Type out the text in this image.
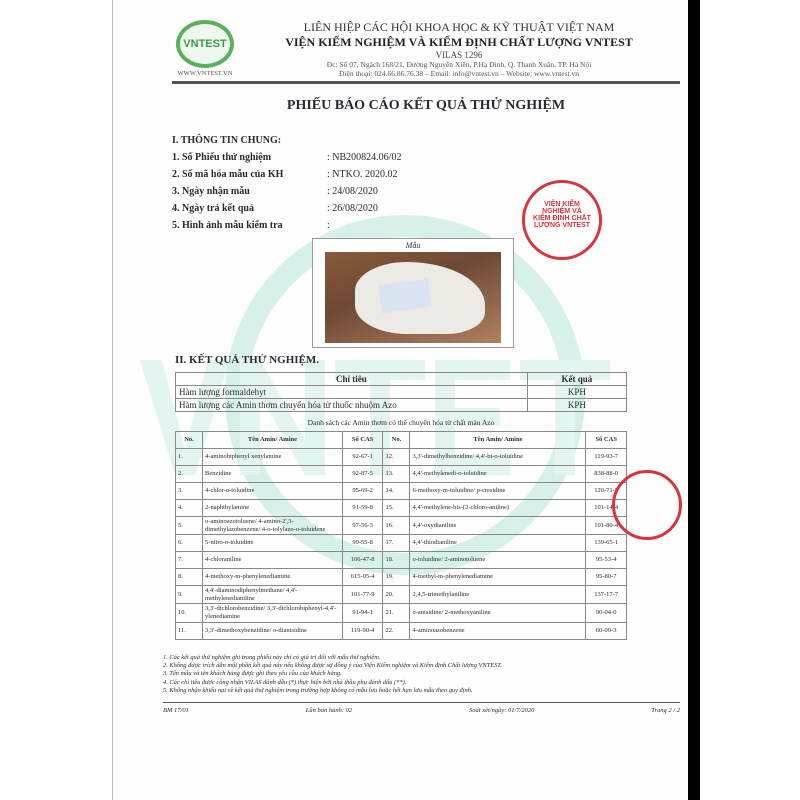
VNTEST
WWW.VNTEST.VN
LIÊN HIỆP CÁC HỘI KHOA HỌC & KỸ THUẬT VIỆT NAM
VIỆN KIỂM NGHIỆM VÀ KIỂM ĐỊNH CHẤT LƯỢNG VNTEST
VILAS 1296
Đc: Số 07, Ngách 168/21, Đường Nguyễn Xiển, P.Hạ Đình, Q. Thanh Xuân, TP. Hà Nội
Điện thoại: 024.66.86.76.38 – Email: info@vntest.vn – Website: www.vntest.vn
PHIẾU BÁO CÁO KẾT QUẢ THỬ NGHIỆM
I. THÔNG TIN CHUNG:
1. Số Phiếu thử nghiệm	: NB200824.06/02
2. Số mã hóa mẫu của KH	: NTKO. 2020.02
3. Ngày nhận mẫu	: 24/08/2020
4. Ngày trả kết quả	: 26/08/2020
5. Hình ảnh mẫu kiểm tra	:
Mẫu
VIỆN KIỂM NGHIỆM VÀ KIỂM ĐỊNH CHẤT LƯỢNG VNTEST
II. KẾT QUẢ THỬ NGHIỆM.
Chỉ tiêu	Kết quả
Hàm lượng formaldehyt	KPH
Hàm lượng các Amin thơm chuyển hóa từ thuốc nhuộm Azo	KPH
Danh sách các Amin thơm có thể chuyển hóa từ chất màu Azo
No.	Tên Amin/ Amine	Số CAS	No.	Tên Amin/ Amine	Số CAS
1.	4-aminobiphenyl xenylamine	92-67-1	12.	3,3'-dimethylbenzidine/ 4,4'-bi-o-toluidine	119-93-7
2.	Benzidine	92-87-5	13.	4,4'-methylenedi-o-toluidine	838-88-0
3.	4-chlor-o-toluidine	95-69-2	14.	6-methoxy-m-toluidine/ p-cresidine	120-71-8
4.	2-naphthylamine	91-59-8	15.	4,4'-methylene-bis-(2-chloro-aniline)	101-14-4
5.	o-aminoazotoluene/ 4-amino-2',3-dimethylazobenzene/ 4-o-tolylazo-o-toluidene	97-56-3	16.	4,4'-oxydianiline	101-80-4
6.	5-nitro-o-toluidine	99-55-8	17.	4,4'-thiodianiline	139-65-1
7.	4-chloraniline	106-47-8	18.	o-toluidine/ 2-aminotoluene	95-53-4
8.	4-methoxy-m-phenylenediamine	615-05-4	19.	4-methyl-m-phenylenediamine	95-80-7
9.	4,4'-diaminodiphenylmethane/ 4,4'-methylenedianiline	101-77-9	20.	2,4,5-trimethylaniline	137-17-7
10.	3,3'-dichlorobenzidine/ 3,3'-dichlorobiphenyl-4,4'- ylenediamine	91-94-1	21.	o-anisidine/ 2-methoxyaniline	90-04-0
11.	3,3'-dimethoxybenzidine/ o-dianisidine	119-90-4	22.	4-aminoazobenzene	60-09-3
1. Các kết quả thử nghiệm ghi trong phiếu này chỉ có giá trị đối với mẫu thử nghiệm.
2. Không được trích dẫn một phần kết quả này nếu không được sự đồng ý của Viện Kiểm nghiệm và Kiểm định Chất lượng VNTEST.
3. Tên mẫu và tên khách hàng được ghi theo yêu cầu của khách hàng.
4. Các chỉ tiêu được công nhận VILAS đánh dấu (*) thực hiện bởi nhà thầu phụ đánh dấu (**).
5. Không nhận khiếu nại về kết quả thử nghiệm trong trường hợp không có mẫu lưu hoặc hết hạn lưu mẫu theo quy định.
BM 17/01	Lần ban hành: 02	Soát xét/ngày: 01/7/2020	Trang 2 / 2
